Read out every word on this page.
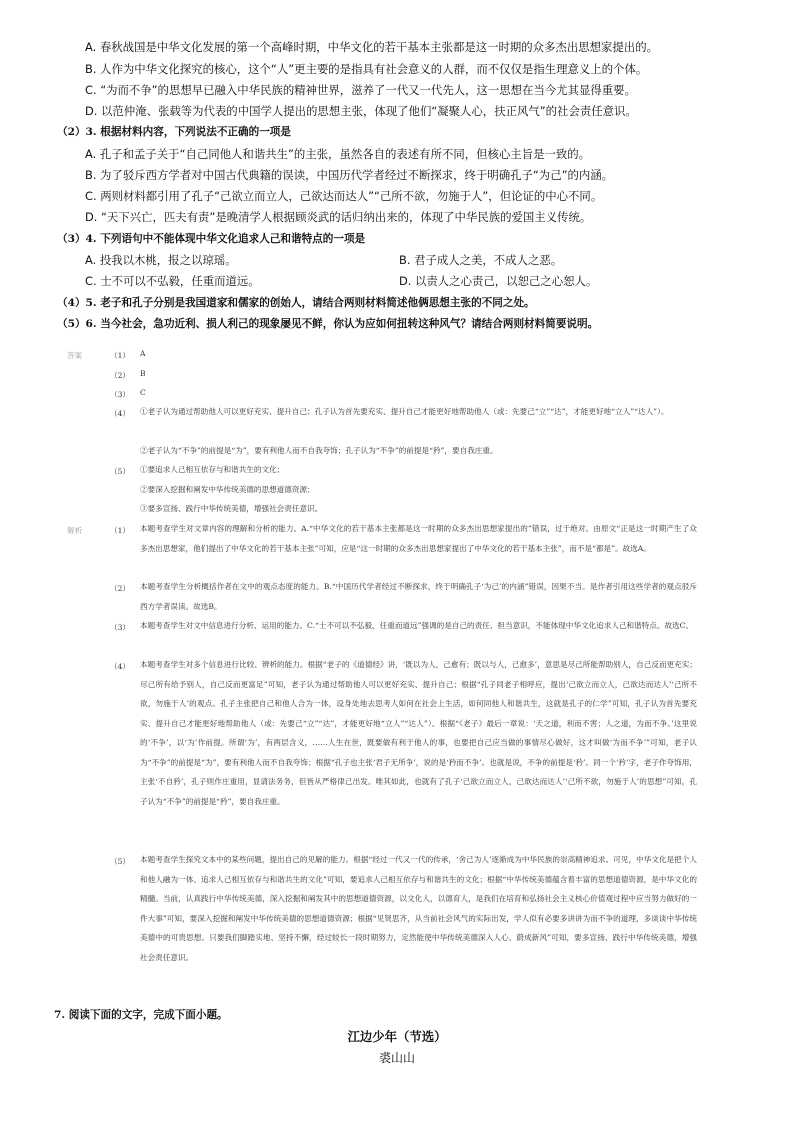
A. 春秋战国是中华文化发展的第一个高峰时期，中华文化的若干基本主张都是这一时期的众多杰出思想家提出的。
B. 人作为中华文化探究的核心，这个“人”更主要的是指具有社会意义的人群，而不仅仅是指生理意义上的个体。
C. “为而不争”的思想早已融入中华民族的精神世界，滋养了一代又一代先人，这一思想在当今尤其显得重要。
D. 以范仲淹、张载等为代表的中国学人提出的思想主张，体现了他们“凝聚人心，扶正风气”的社会责任意识。
（2）3. 根据材料内容，下列说法不正确的一项是
A. 孔子和孟子关于“自己同他人和谐共生”的主张，虽然各自的表述有所不同，但核心主旨是一致的。
B. 为了驳斥西方学者对中国古代典籍的误读，中国历代学者经过不断探求，终于明确孔子“为己”的内涵。
C. 两则材料都引用了孔子“己欲立而立人，己欲达而达人”“己所不欲，勿施于人”，但论证的中心不同。
D. “天下兴亡，匹夫有责”是晚清学人根据顾炎武的话归纳出来的，体现了中华民族的爱国主义传统。
（3）4. 下列语句中不能体现中华文化追求人己和谐特点的一项是
A. 投我以木桃，报之以琼瑶。	B. 君子成人之美，不成人之恶。
C. 士不可以不弘毅，任重而道远。	D. 以责人之心责己，以恕己之心恕人。
（4）5. 老子和孔子分别是我国道家和儒家的创始人，请结合两则材料简述他俩思想主张的不同之处。
（5）6. 当今社会，急功近利、损人利己的现象屡见不鲜，你认为应如何扭转这种风气？请结合两则材料简要说明。
答案	（1） A
（2） B
（3） C
（4） ①老子认为通过帮助他人可以更好充实、提升自己；孔子认为首先要充实、提升自己才能更好地帮助他人（或：先要己“立”“达”，才能更好地“立人”“达人”）。
②老子认为“不争”的前提是“为”，要有利他人而不自我夸饰；孔子认为“不争”的前提是“矜”，要自我庄重。
（5） ①要追求人己相互依存与和谐共生的文化；
②要深入挖掘和阐发中华传统美德的思想道德资源；
③要多宣扬、践行中华传统美德，增强社会责任意识。
解析	（1） 本题考查学生对文章内容的理解和分析的能力。A.“中华文化的若干基本主张都是这一时期的众多杰出思想家提出的”错误，过于绝对。由原文“正是这一时期产生了众多杰出思想家，他们提出了中华文化的若干基本主张”可知，应是“这一时期的众多杰出思想家提出了中华文化的若干基本主张”，而不是“都是”。故选A。
（2） 本题考查学生分析概括作者在文中的观点态度的能力。B.“中国历代学者经过不断探求，终于明确孔子‘为己’的内涵”错误，因果不当。是作者引用这些学者的观点驳斥西方学者误读。故选B。
（3） 本题考查学生对文中信息进行分析、运用的能力。C.“士不可以不弘毅，任重而道远”强调的是自己的责任、担当意识，不能体现中华文化追求人己和谐特点。故选C。
（4） 本题考查学生对多个信息进行比较、辨析的能力。根据“老子的《道德经》讲，‘既以为人，己愈有；既以与人，己愈多’，意思是尽己所能帮助别人，自己反而更充实；尽己所有给予别人，自己反而更富足”可知，老子认为通过帮助他人可以更好充实、提升自己；根据“孔子同老子相呼应，提出‘己欲立而立人，己欲达而达人’‘己所不欲，勿施于人’的观点。孔子主张把自己和他人合为一体，设身处地去思考人如何在社会上生活，如何同他人和谐共生，这就是孔子的仁学”可知，孔子认为首先要充实、提升自己才能更好地帮助他人（或：先要己“立”“达”，才能更好地“立人”“达人”）。根据“《老子》最后一章说：‘天之道，利而不害；人之道，为而不争。’这里说的‘不争’，以‘为’作前提。所谓‘为’，有两层含义，……人生在世，既要做有利于他人的事，也要把自己应当做的事情尽心做好，这才叫做‘为而不争’”可知，老子认为“不争”的前提是“为”，要有利他人而不自我夸饰；根据“孔子也主张‘君子无所争’，说的是‘矜而不争’。也就是说，不争的前提是‘矜’。同一个‘矜’字，老子作夸饰用，主张‘不自矜’，孔子则作庄重用，显请法务务，但皆从严格律己出发。唯其如此，也就有了孔子‘己欲立而立人，己欲达而达人’‘己所不欲，勿施于人’的思想”可知，孔子认为“不争”的前提是“矜”，要自我庄重。
（5） 本题考查学生探究文本中的某些问题，提出自己的见解的能力。根据“经过一代又一代的传承，‘舍己为人’逐渐成为中华民族的崇高精神追求。可见，中华文化是把个人和他人融为一体、追求人己相互依存与和谐共生的文化”可知，要追求人己相互依存与和谐共生的文化；根据“中华传统美德蕴含着丰富的思想道德资源，是中华文化的精髓。当前，认真践行中华传统美德，深入挖掘和阐发其中的思想道德资源，以文化人，以德育人，是我们在培育和弘扬社会主义核心价值观过程中应当努力做好的一件大事”可知，要深入挖掘和阐发中华传统美德的思想道德资源；根据“见贤思齐，从当前社会风气的实际出发，学人似有必要多讲讲为而不争的道理，多谈谈中华传统美德中的可贵思想。只要我们脚踏实地、坚持不懈，经过较长一段时期努力，定然能使中华传统美德深入人心、蔚成新风”可知，要多宣扬、践行中华传统美德，增强社会责任意识。
7. 阅读下面的文字，完成下面小题。
江边少年（节选）
裘山山
